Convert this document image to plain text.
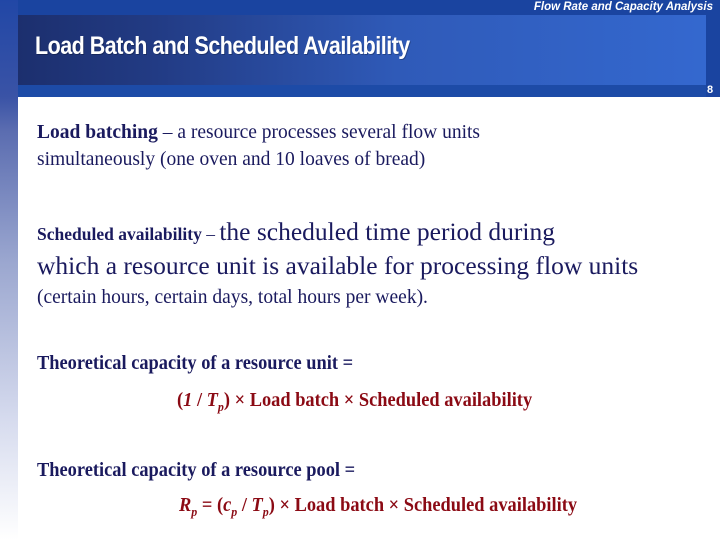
Flow Rate and Capacity Analysis
Load Batch and Scheduled Availability
8
Load batching – a resource processes several flow units
simultaneously (one oven and 10 loaves of bread)
Scheduled availability – the scheduled time period during
which a resource unit is available for processing flow units
(certain hours, certain days, total hours per week).
Theoretical capacity of a resource unit =
$(1 / T_p)$ × Load batch × Scheduled availability
Theoretical capacity of a resource pool =
$R_p = (c_p / T_p)$ × Load batch × Scheduled availability
